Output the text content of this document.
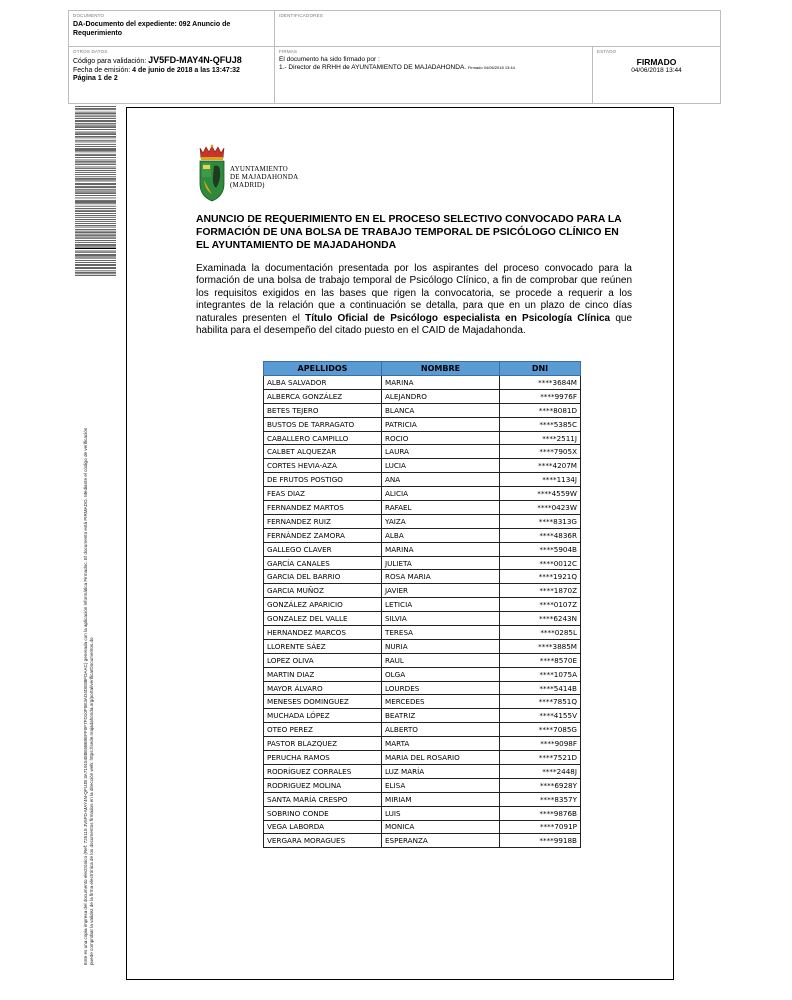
DOCUMENTO
DA-Documento del expediente: 092 Anuncio de Requerimiento
IDENTIFICADORES
OTROS DATOS
Código para validación: JV5FD-MAY4N-QFUJ8
Fecha de emisión: 4 de junio de 2018 a las 13:47:32
Página 1 de 2
FIRMAS
El documento ha sido firmado por :
1.- Director de RRHH de AYUNTAMIENTO DE MAJADAHONDA. Firmado 04/06/2018 13:44
ESTADO
FIRMADO
04/06/2018 13:44
Este es una copia impresa del documento electrónico (Ref: 725115 JV5FD-MAY4N-QFUJ8 3A71915488E6B69EFF0F7FD10F5E3AD4DE88FDAAC) generada con la aplicación informática Firmadoc. El documento está FIRMADO. Mediante el código de verificación puede comprobar la validez de la firma electrónica de los documentos firmados en la dirección web: https://sede.majadahonda.org/portal/verificarDocumentos.do
AYUNTAMIENTO
DE MAJADAHONDA
(MADRID)
ANUNCIO DE REQUERIMIENTO EN EL PROCESO SELECTIVO CONVOCADO PARA LA FORMACIÓN DE UNA BOLSA DE TRABAJO TEMPORAL DE PSICÓLOGO CLÍNICO EN EL AYUNTAMIENTO DE MAJADAHONDA
Examinada la documentación presentada por los aspirantes del proceso convocado para la formación de una bolsa de trabajo temporal de Psicólogo Clínico, a fin de comprobar que reúnen los requisitos exigidos en las bases que rigen la convocatoria, se procede a requerir a los integrantes de la relación que a continuación se detalla, para que en un plazo de cinco días naturales presenten el Título Oficial de Psicólogo especialista en Psicología Clínica que habilita para el desempeño del citado puesto en el CAID de Majadahonda.
APELLIDOS	NOMBRE	DNI
ALBA SALVADOR	MARINA	****3684M
ALBERCA GONZÁLEZ	ALEJANDRO	****9976F
BETES TEJERO	BLANCA	****8081D
BUSTOS DE TARRAGATO	PATRICIA	****5385C
CABALLERO CAMPILLO	ROCIO	****2511J
CALBET ALQUEZAR	LAURA	****7905X
CORTES HEVIA-AZA	LUCIA	****4207M
DE FRUTOS POSTIGO	ANA	****1134J
FEAS DIAZ	ALICIA	****4559W
FERNANDEZ MARTOS	RAFAEL	****0423W
FERNANDEZ RUIZ	YAIZA	****8313G
FERNÁNDEZ ZAMORA	ALBA	****4836R
GALLEGO CLAVER	MARINA	****5904B
GARCÍA CANALES	JULIETA	****0012C
GARCIA DEL BARRIO	ROSA MARIA	****1921Q
GARCIA MUÑOZ	JAVIER	****1870Z
GONZÁLEZ APARICIO	LETICIA	****0107Z
GONZALEZ DEL VALLE	SILVIA	****6243N
HERNANDEZ MARCOS	TERESA	****0285L
LLORENTE SÁEZ	NURIA	****3885M
LOPEZ OLIVA	RAUL	****8570E
MARTIN DIAZ	OLGA	****1075A
MAYOR ÁLVARO	LOURDES	****5414B
MENESES DOMINGUEZ	MERCEDES	****7851Q
MUCHADA LÓPEZ	BEATRIZ	****4155V
OTEO PEREZ	ALBERTO	****7085G
PASTOR BLAZQUEZ	MARTA	****9098F
PERUCHA RAMOS	MARIA DEL ROSARIO	****7521D
RODRÍGUEZ CORRALES	LUZ MARÍA	****2448J
RODRIGUEZ MOLINA	ELISA	****6928Y
SANTA MARÍA CRESPO	MIRIAM	****8357Y
SOBRINO CONDE	LUIS	****9876B
VEGA LABORDA	MONICA	****7091P
VERGARA MORAGUES	ESPERANZA	****9918B
